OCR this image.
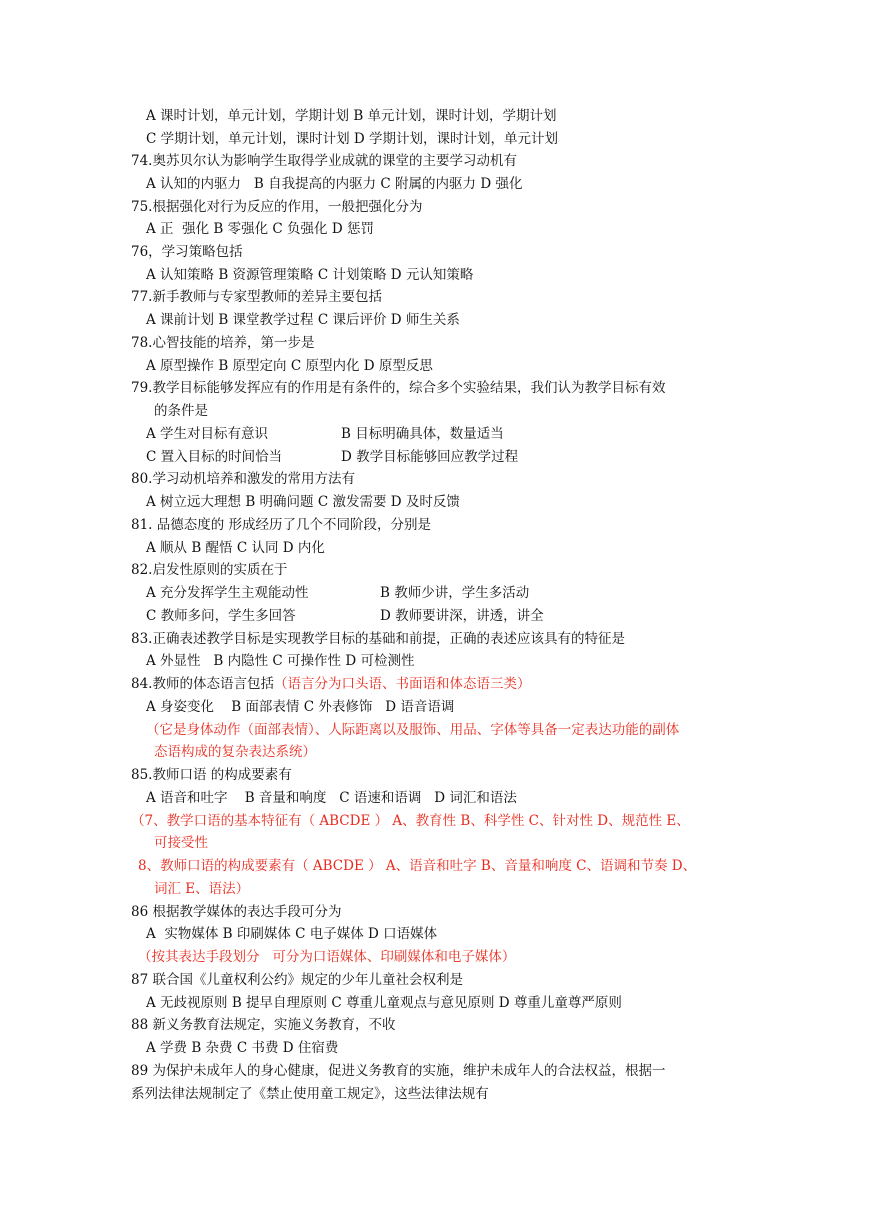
A 课时计划，单元计划，学期计划 B 单元计划，课时计划，学期计划
C 学期计划，单元计划，课时计划 D 学期计划，课时计划，单元计划
74.奥苏贝尔认为影响学生取得学业成就的课堂的主要学习动机有
A 认知的内驱力   B 自我提高的内驱力 C 附属的内驱力 D 强化
75.根据强化对行为反应的作用，一般把强化分为
A 正  强化 B 零强化 C 负强化 D 惩罚
76，学习策略包括
A 认知策略 B 资源管理策略 C 计划策略 D 元认知策略
77.新手教师与专家型教师的差异主要包括
A 课前计划 B 课堂教学过程 C 课后评价 D 师生关系
78.心智技能的培养，第一步是
A 原型操作 B 原型定向 C 原型内化 D 原型反思
79.教学目标能够发挥应有的作用是有条件的，综合多个实验结果，我们认为教学目标有效
的条件是
A 学生对目标有意识	B 目标明确具体，数量适当
C 置入目标的时间恰当	D 教学目标能够回应教学过程
80.学习动机培养和激发的常用方法有
A 树立远大理想 B 明确问题 C 激发需要 D 及时反馈
81. 品德态度的 形成经历了几个不同阶段，分别是
A 顺从 B 醒悟 C 认同 D 内化
82.启发性原则的实质在于
A 充分发挥学生主观能动性	B 教师少讲，学生多活动
C 教师多问，学生多回答	D 教师要讲深，讲透，讲全
83.正确表述教学目标是实现教学目标的基础和前提，正确的表述应该具有的特征是
A 外显性   B 内隐性 C 可操作性 D 可检测性
84.教师的体态语言包括（语言分为口头语、书面语和体态语三类）
A 身姿变化    B 面部表情 C 外表修饰   D 语音语调
（它是身体动作（面部表情）、人际距离以及服饰、用品、字体等具备一定表达功能的副体
态语构成的复杂表达系统）
85.教师口语 的构成要素有
A 语音和吐字    B 音量和响度   C 语速和语调   D 词汇和语法
（7、教学口语的基本特征有（ ABCDE ） A、教育性 B、科学性 C、针对性 D、规范性 E、
可接受性
8、教师口语的构成要素有（ ABCDE ） A、语音和吐字 B、音量和响度 C、语调和节奏 D、
词汇 E、语法）
86 根据教学媒体的表达手段可分为
A  实物媒体 B 印刷媒体 C 电子媒体 D 口语媒体
（按其表达手段划分   可分为口语媒体、印刷媒体和电子媒体）
87 联合国《儿童权利公约》规定的少年儿童社会权利是
A 无歧视原则 B 提早自理原则 C 尊重儿童观点与意见原则 D 尊重儿童尊严原则
88 新义务教育法规定，实施义务教育，不收
A 学费 B 杂费 C 书费 D 住宿费
89 为保护未成年人的身心健康，促进义务教育的实施，维护未成年人的合法权益，根据一
系列法律法规制定了《禁止使用童工规定》，这些法律法规有
